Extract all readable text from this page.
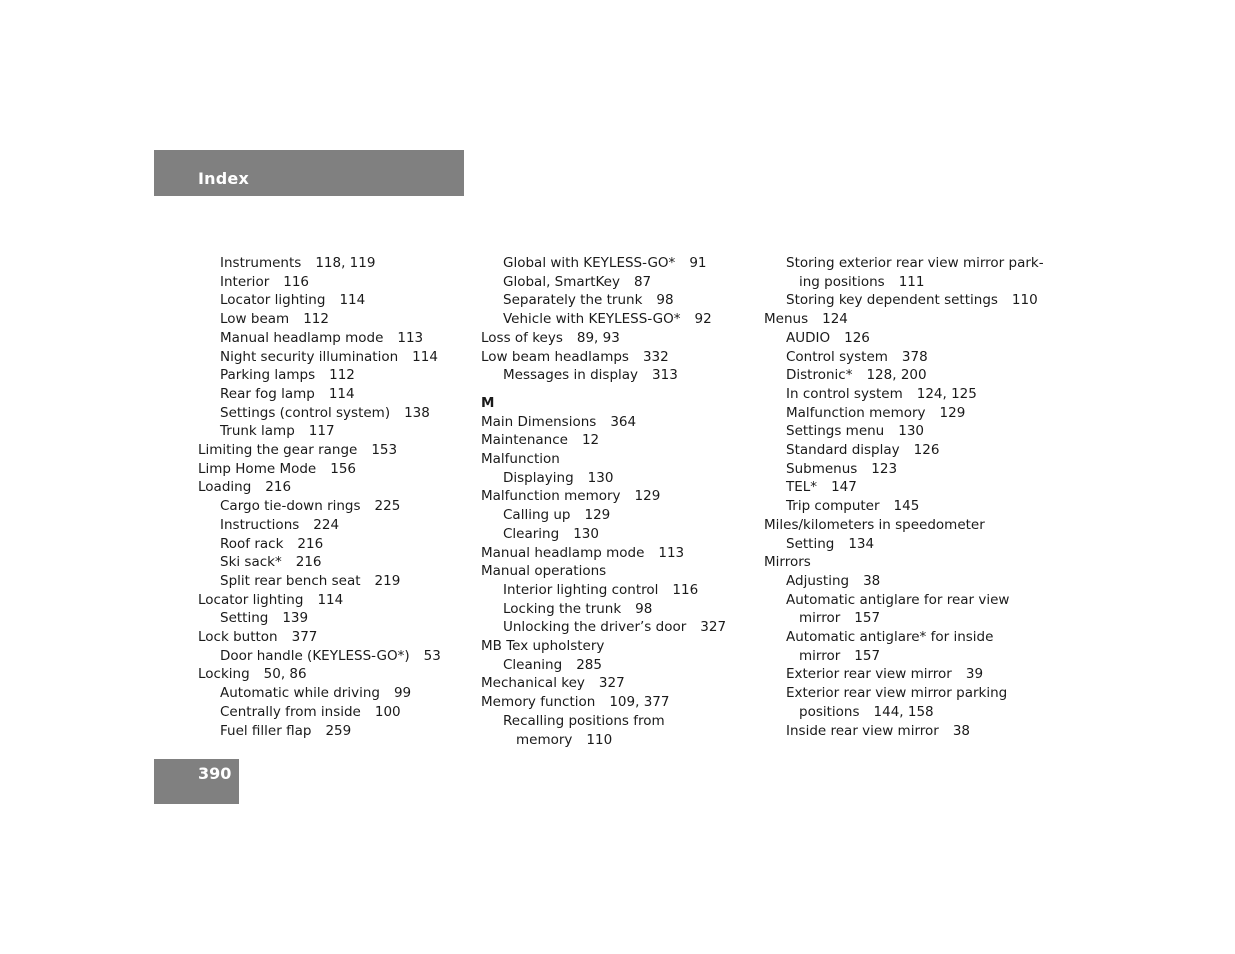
Index
Instruments 118, 119
Interior 116
Locator lighting 114
Low beam 112
Manual headlamp mode 113
Night security illumination 114
Parking lamps 112
Rear fog lamp 114
Settings (control system) 138
Trunk lamp 117
Limiting the gear range 153
Limp Home Mode 156
Loading 216
Cargo tie-down rings 225
Instructions 224
Roof rack 216
Ski sack* 216
Split rear bench seat 219
Locator lighting 114
Setting 139
Lock button 377
Door handle (KEYLESS-GO*) 53
Locking 50, 86
Automatic while driving 99
Centrally from inside 100
Fuel filler flap 259
Global with KEYLESS-GO* 91
Global, SmartKey 87
Separately the trunk 98
Vehicle with KEYLESS-GO* 92
Loss of keys 89, 93
Low beam headlamps 332
Messages in display 313
M
Main Dimensions 364
Maintenance 12
Malfunction
Displaying 130
Malfunction memory 129
Calling up 129
Clearing 130
Manual headlamp mode 113
Manual operations
Interior lighting control 116
Locking the trunk 98
Unlocking the driver’s door 327
MB Tex upholstery
Cleaning 285
Mechanical key 327
Memory function 109, 377
Recalling positions from
memory 110
Storing exterior rear view mirror park-
ing positions 111
Storing key dependent settings 110
Menus 124
AUDIO 126
Control system 378
Distronic* 128, 200
In control system 124, 125
Malfunction memory 129
Settings menu 130
Standard display 126
Submenus 123
TEL* 147
Trip computer 145
Miles/kilometers in speedometer
Setting 134
Mirrors
Adjusting 38
Automatic antiglare for rear view
mirror 157
Automatic antiglare* for inside
mirror 157
Exterior rear view mirror 39
Exterior rear view mirror parking
positions 144, 158
Inside rear view mirror 38
390
